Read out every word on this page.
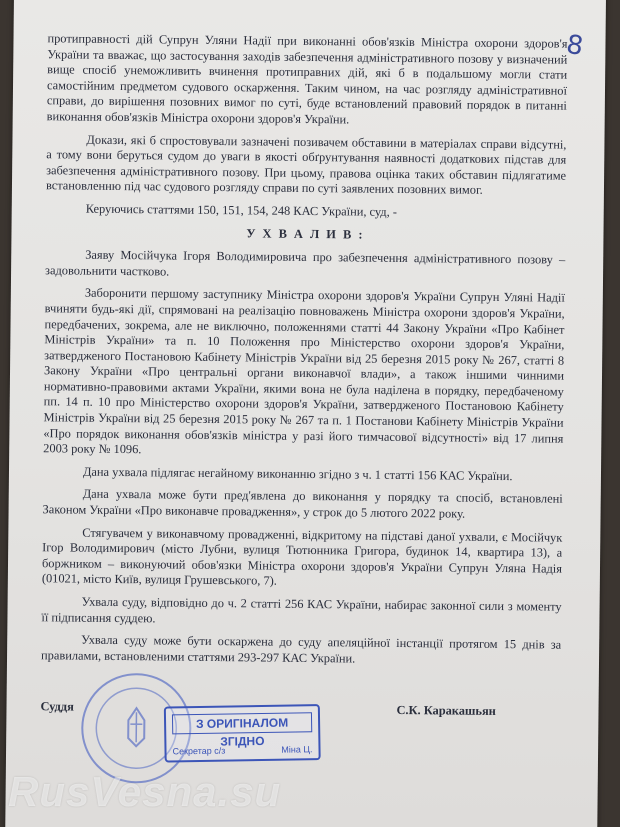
8

протиправності дій Супрун Уляни Надії при виконанні обов'язків Міністра охорони здоров'я України та вважає, що застосування заходів забезпечення адміністративного позову у визначений вище спосіб унеможливить вчинення протиправних дій, які б в подальшому могли стати самостійним предметом судового оскарження. Таким чином, на час розгляду адміністративної справи, до вирішення позовних вимог по суті, буде встановлений правовий порядок в питанні виконання обов'язків Міністра охорони здоров'я України.

Докази, які б спростовували зазначені позивачем обставини в матеріалах справи відсутні, а тому вони беруться судом до уваги в якості обґрунтування наявності додаткових підстав для забезпечення адміністративного позову. При цьому, правова оцінка таких обставин підлягатиме встановленню під час судового розгляду справи по суті заявлених позовних вимог.

Керуючись статтями 150, 151, 154, 248 КАС України, суд, -

У Х В А Л И В :

Заяву Мосійчука Ігоря Володимировича про забезпечення адміністративного позову – задовольнити частково.

Заборонити першому заступнику Міністра охорони здоров'я України Супрун Уляні Надії вчиняти будь-які дії, спрямовані на реалізацію повноважень Міністра охорони здоров'я України, передбачених, зокрема, але не виключно, положеннями статті 44 Закону України «Про Кабінет Міністрів України» та п. 10 Положення про Міністерство охорони здоров'я України, затвердженого Постановою Кабінету Міністрів України від 25 березня 2015 року № 267, статті 8 Закону України «Про центральні органи виконавчої влади», а також іншими чинними нормативно-правовими актами України, якими вона не була наділена в порядку, передбаченому пп. 14 п. 10 про Міністерство охорони здоров'я України, затвердженого Постановою Кабінету Міністрів України від 25 березня 2015 року № 267 та п. 1 Постанови Кабінету Міністрів України «Про порядок виконання обов'язків міністра у разі його тимчасової відсутності» від 17 липня 2003 року № 1096.

Дана ухвала підлягає негайному виконанню згідно з ч. 1 статті 156 КАС України.

Дана ухвала може бути пред'явлена до виконання у порядку та спосіб, встановлені Законом України «Про виконавче провадження», у строк до 5 лютого 2022 року.

Стягувачем у виконавчому провадженні, відкритому на підставі даної ухвали, є Мосійчук Ігор Володимирович (місто Лубни, вулиця Тютюнника Григора, будинок 14, квартира 13), а боржником – виконуючий обов'язки Міністра охорони здоров'я України Супрун Уляна Надія (01021, місто Київ, вулиця Грушевського, 7).

Ухвала суду, відповідно до ч. 2 статті 256 КАС України, набирає законної сили з моменту її підписання суддею.

Ухвала суду може бути оскаржена до суду апеляційної інстанції протягом 15 днів за правилами, встановленими статтями 293-297 КАС України.

Суддя	С.К. Каракашьян
З ОРИГІНАЛОМ ЗГІДНО
Секретар с/з	Міна Ц.
RusVesna.su
